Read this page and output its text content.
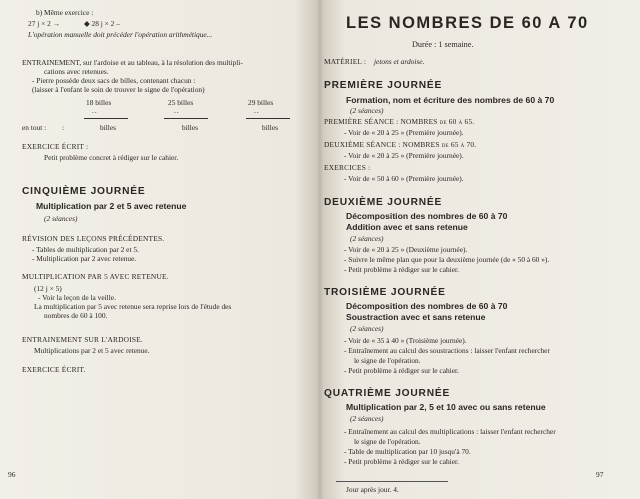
b) Même exercice :
27 j × 2 →	◆ 28 j × 2 –
L'opération manuelle doit précéder l'opération arithmétique...
ENTRAINEMENT, sur l'ardoise et au tableau, à la résolution des multipli-
cations avec retenues.
- Pierre possède deux sacs de billes, contenant chacun :
(laisser à l'enfant le soin de trouver le signe de l'opération)
18 billes	25 billes	29 billes
..	..	..
en tout : :	billes	billes	billes
EXERCICE ÉCRIT :
Petit problème concret à rédiger sur le cahier.
CINQUIÈME JOURNÉE
Multiplication par 2 et 5 avec retenue
(2 séances)
RÉVISION DES LEÇONS PRÉCÉDENTES.
- Tables de multiplication par 2 et 5.
- Multiplication par 2 avec retenue.
MULTIPLICATION PAR 5 AVEC RETENUE.
(12 j × 5)
- Voir la leçon de la veille.
La multiplication par 5 avec retenue sera reprise lors de l'étude des
nombres de 60 à 100.
ENTRAINEMENT SUR L'ARDOISE.
Multiplications par 2 et 5 avec retenue.
EXERCICE ÉCRIT.
96
LES NOMBRES DE 60 A 70
Durée : 1 semaine.
MATÉRIEL : jetons et ardoise.
PREMIÈRE JOURNÉE
Formation, nom et écriture des nombres de 60 à 70
(2 séances)
PREMIÈRE SÉANCE : NOMBRES de 60 à 65.
- Voir de « 20 à 25 » (Première journée).
DEUXIÈME SÉANCE : NOMBRES de 65 à 70.
- Voir de « 20 à 25 » (Première journée).
EXERCICES :
- Voir de « 50 à 60 » (Première journée).
DEUXIÈME JOURNÉE
Décomposition des nombres de 60 à 70
Addition avec et sans retenue
(2 séances)
- Voir de « 20 à 25 » (Deuxième journée).
- Suivre le même plan que pour la deuxième journée (de « 50 à 60 »).
- Petit problème à rédiger sur le cahier.
TROISIÈME JOURNÉE
Décomposition des nombres de 60 à 70
Soustraction avec et sans retenue
(2 séances)
- Voir de « 35 à 40 » (Troisième journée).
- Entraînement au calcul des soustractions : laisser l'enfant rechercher
le signe de l'opération.
- Petit problème à rédiger sur le cahier.
QUATRIÈME JOURNÉE
Multiplication par 2, 5 et 10 avec ou sans retenue
(2 séances)
- Entraînement au calcul des multiplications : laisser l'enfant rechercher
le signe de l'opération.
- Table de multiplication par 10 jusqu'à 70.
- Petit problème à rédiger sur le cahier.
Jour après jour. 4.
97
